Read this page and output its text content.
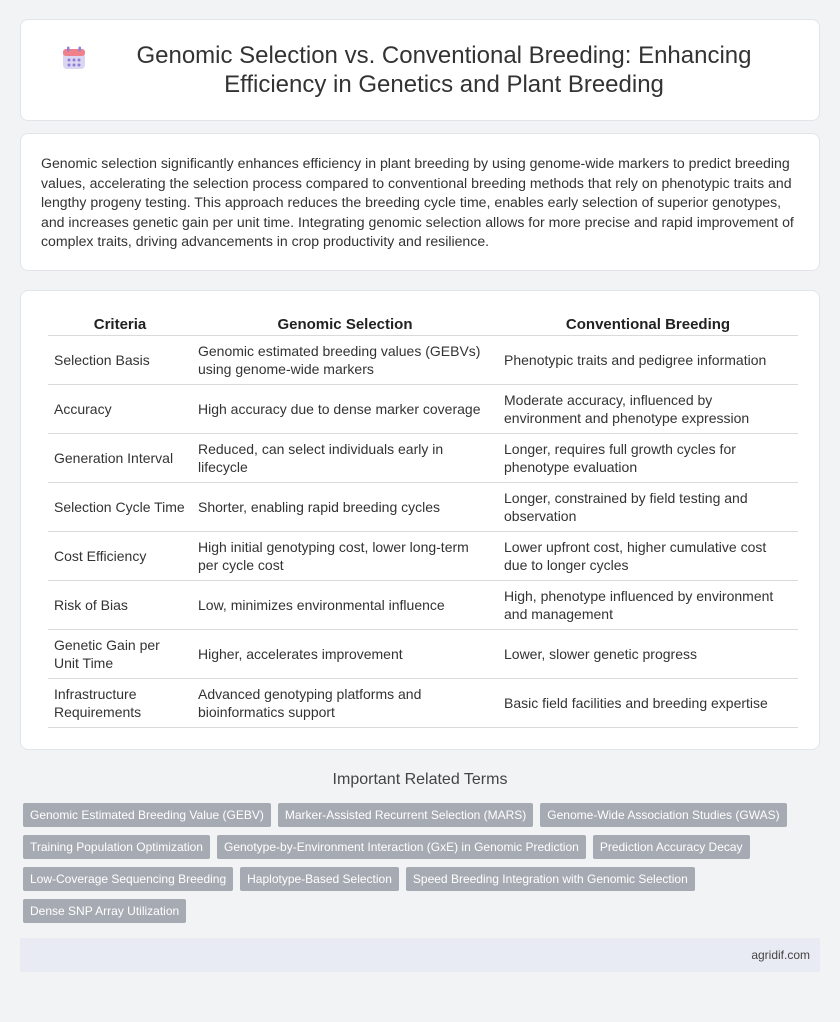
Genomic Selection vs. Conventional Breeding: Enhancing Efficiency in Genetics and Plant Breeding

Genomic selection significantly enhances efficiency in plant breeding by using genome-wide markers to predict breeding values, accelerating the selection process compared to conventional breeding methods that rely on phenotypic traits and lengthy progeny testing. This approach reduces the breeding cycle time, enables early selection of superior genotypes, and increases genetic gain per unit time. Integrating genomic selection allows for more precise and rapid improvement of complex traits, driving advancements in crop productivity and resilience.

Criteria	Genomic Selection	Conventional Breeding
Selection Basis	Genomic estimated breeding values (GEBVs) using genome-wide markers	Phenotypic traits and pedigree information
Accuracy	High accuracy due to dense marker coverage	Moderate accuracy, influenced by environment and phenotype expression
Generation Interval	Reduced, can select individuals early in lifecycle	Longer, requires full growth cycles for phenotype evaluation
Selection Cycle Time	Shorter, enabling rapid breeding cycles	Longer, constrained by field testing and observation
Cost Efficiency	High initial genotyping cost, lower long-term per cycle cost	Lower upfront cost, higher cumulative cost due to longer cycles
Risk of Bias	Low, minimizes environmental influence	High, phenotype influenced by environment and management
Genetic Gain per Unit Time	Higher, accelerates improvement	Lower, slower genetic progress
Infrastructure Requirements	Advanced genotyping platforms and bioinformatics support	Basic field facilities and breeding expertise
Important Related Terms
Genomic Estimated Breeding Value (GEBV)	Marker-Assisted Recurrent Selection (MARS)	Genome-Wide Association Studies (GWAS)
Training Population Optimization	Genotype-by-Environment Interaction (GxE) in Genomic Prediction	Prediction Accuracy Decay
Low-Coverage Sequencing Breeding	Haplotype-Based Selection	Speed Breeding Integration with Genomic Selection
Dense SNP Array Utilization
agridif.com
